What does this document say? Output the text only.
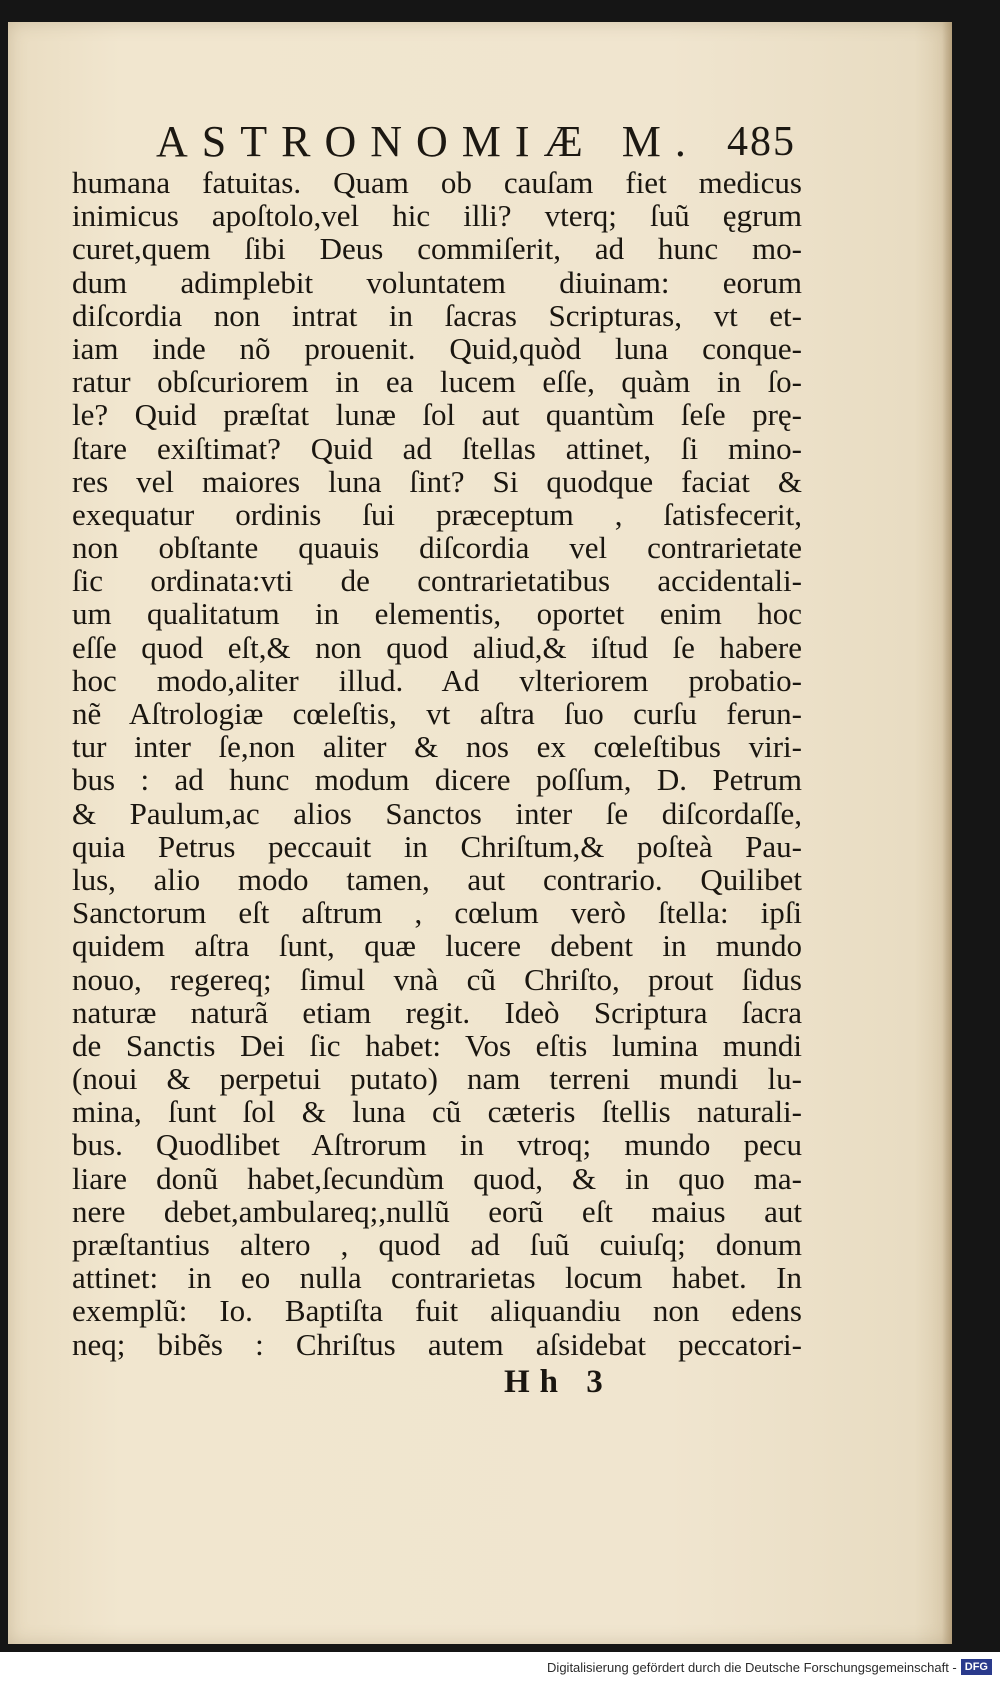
ASTRONOMIÆ M. 485
humana fatuitas. Quam ob cauſam fiet medicus
inimicus apoſtolo,vel hic illi? vterq; ſuũ ęgrum
curet,quem ſibi Deus commiſerit, ad hunc mo-
dum adimplebit voluntatem diuinam: eorum
diſcordia non intrat in ſacras Scripturas, vt et-
iam inde nõ prouenit. Quid,quòd luna conque-
ratur obſcuriorem in ea lucem eſſe, quàm in ſo-
le? Quid præſtat lunæ ſol aut quantùm ſeſe prę-
ſtare exiſtimat? Quid ad ſtellas attinet, ſi mino-
res vel maiores luna ſint? Si quodque faciat &
exequatur ordinis ſui præceptum , ſatisfecerit,
non obſtante quauis diſcordia vel contrarietate
ſic ordinata:vti de contrarietatibus accidentali-
um qualitatum in elementis, oportet enim hoc
eſſe quod eſt,& non quod aliud,& iſtud ſe habere
hoc modo,aliter illud. Ad vlteriorem probatio-
nẽ Aſtrologiæ cœleſtis, vt aſtra ſuo curſu ferun-
tur inter ſe,non aliter & nos ex cœleſtibus viri-
bus : ad hunc modum dicere poſſum, D. Petrum
& Paulum,ac alios Sanctos inter ſe diſcordaſſe,
quia Petrus peccauit in Chriſtum,& poſteà Pau-
lus, alio modo tamen, aut contrario. Quilibet
Sanctorum eſt aſtrum , cœlum verò ſtella: ipſi
quidem aſtra ſunt, quæ lucere debent in mundo
nouo, regereq; ſimul vnà cũ Chriſto, prout ſidus
naturæ naturã etiam regit. Ideò Scriptura ſacra
de Sanctis Dei ſic habet: Vos eſtis lumina mundi
(noui & perpetui putato) nam terreni mundi lu-
mina, ſunt ſol & luna cũ cæteris ſtellis naturali-
bus. Quodlibet Aſtrorum in vtroq; mundo pecu
liare donũ habet,ſecundùm quod, & in quo ma-
nere debet,ambulareq;,nullũ eorũ eſt maius aut
præſtantius altero , quod ad ſuũ cuiuſq; donum
attinet: in eo nulla contrarietas locum habet. In
exemplũ: Io. Baptiſta fuit aliquandiu non edens
neq; bibẽs : Chriſtus autem aſsidebat peccatori-
Hh 3
Digitalisierung gefördert durch die Deutsche Forschungsgemeinschaft - DFG
